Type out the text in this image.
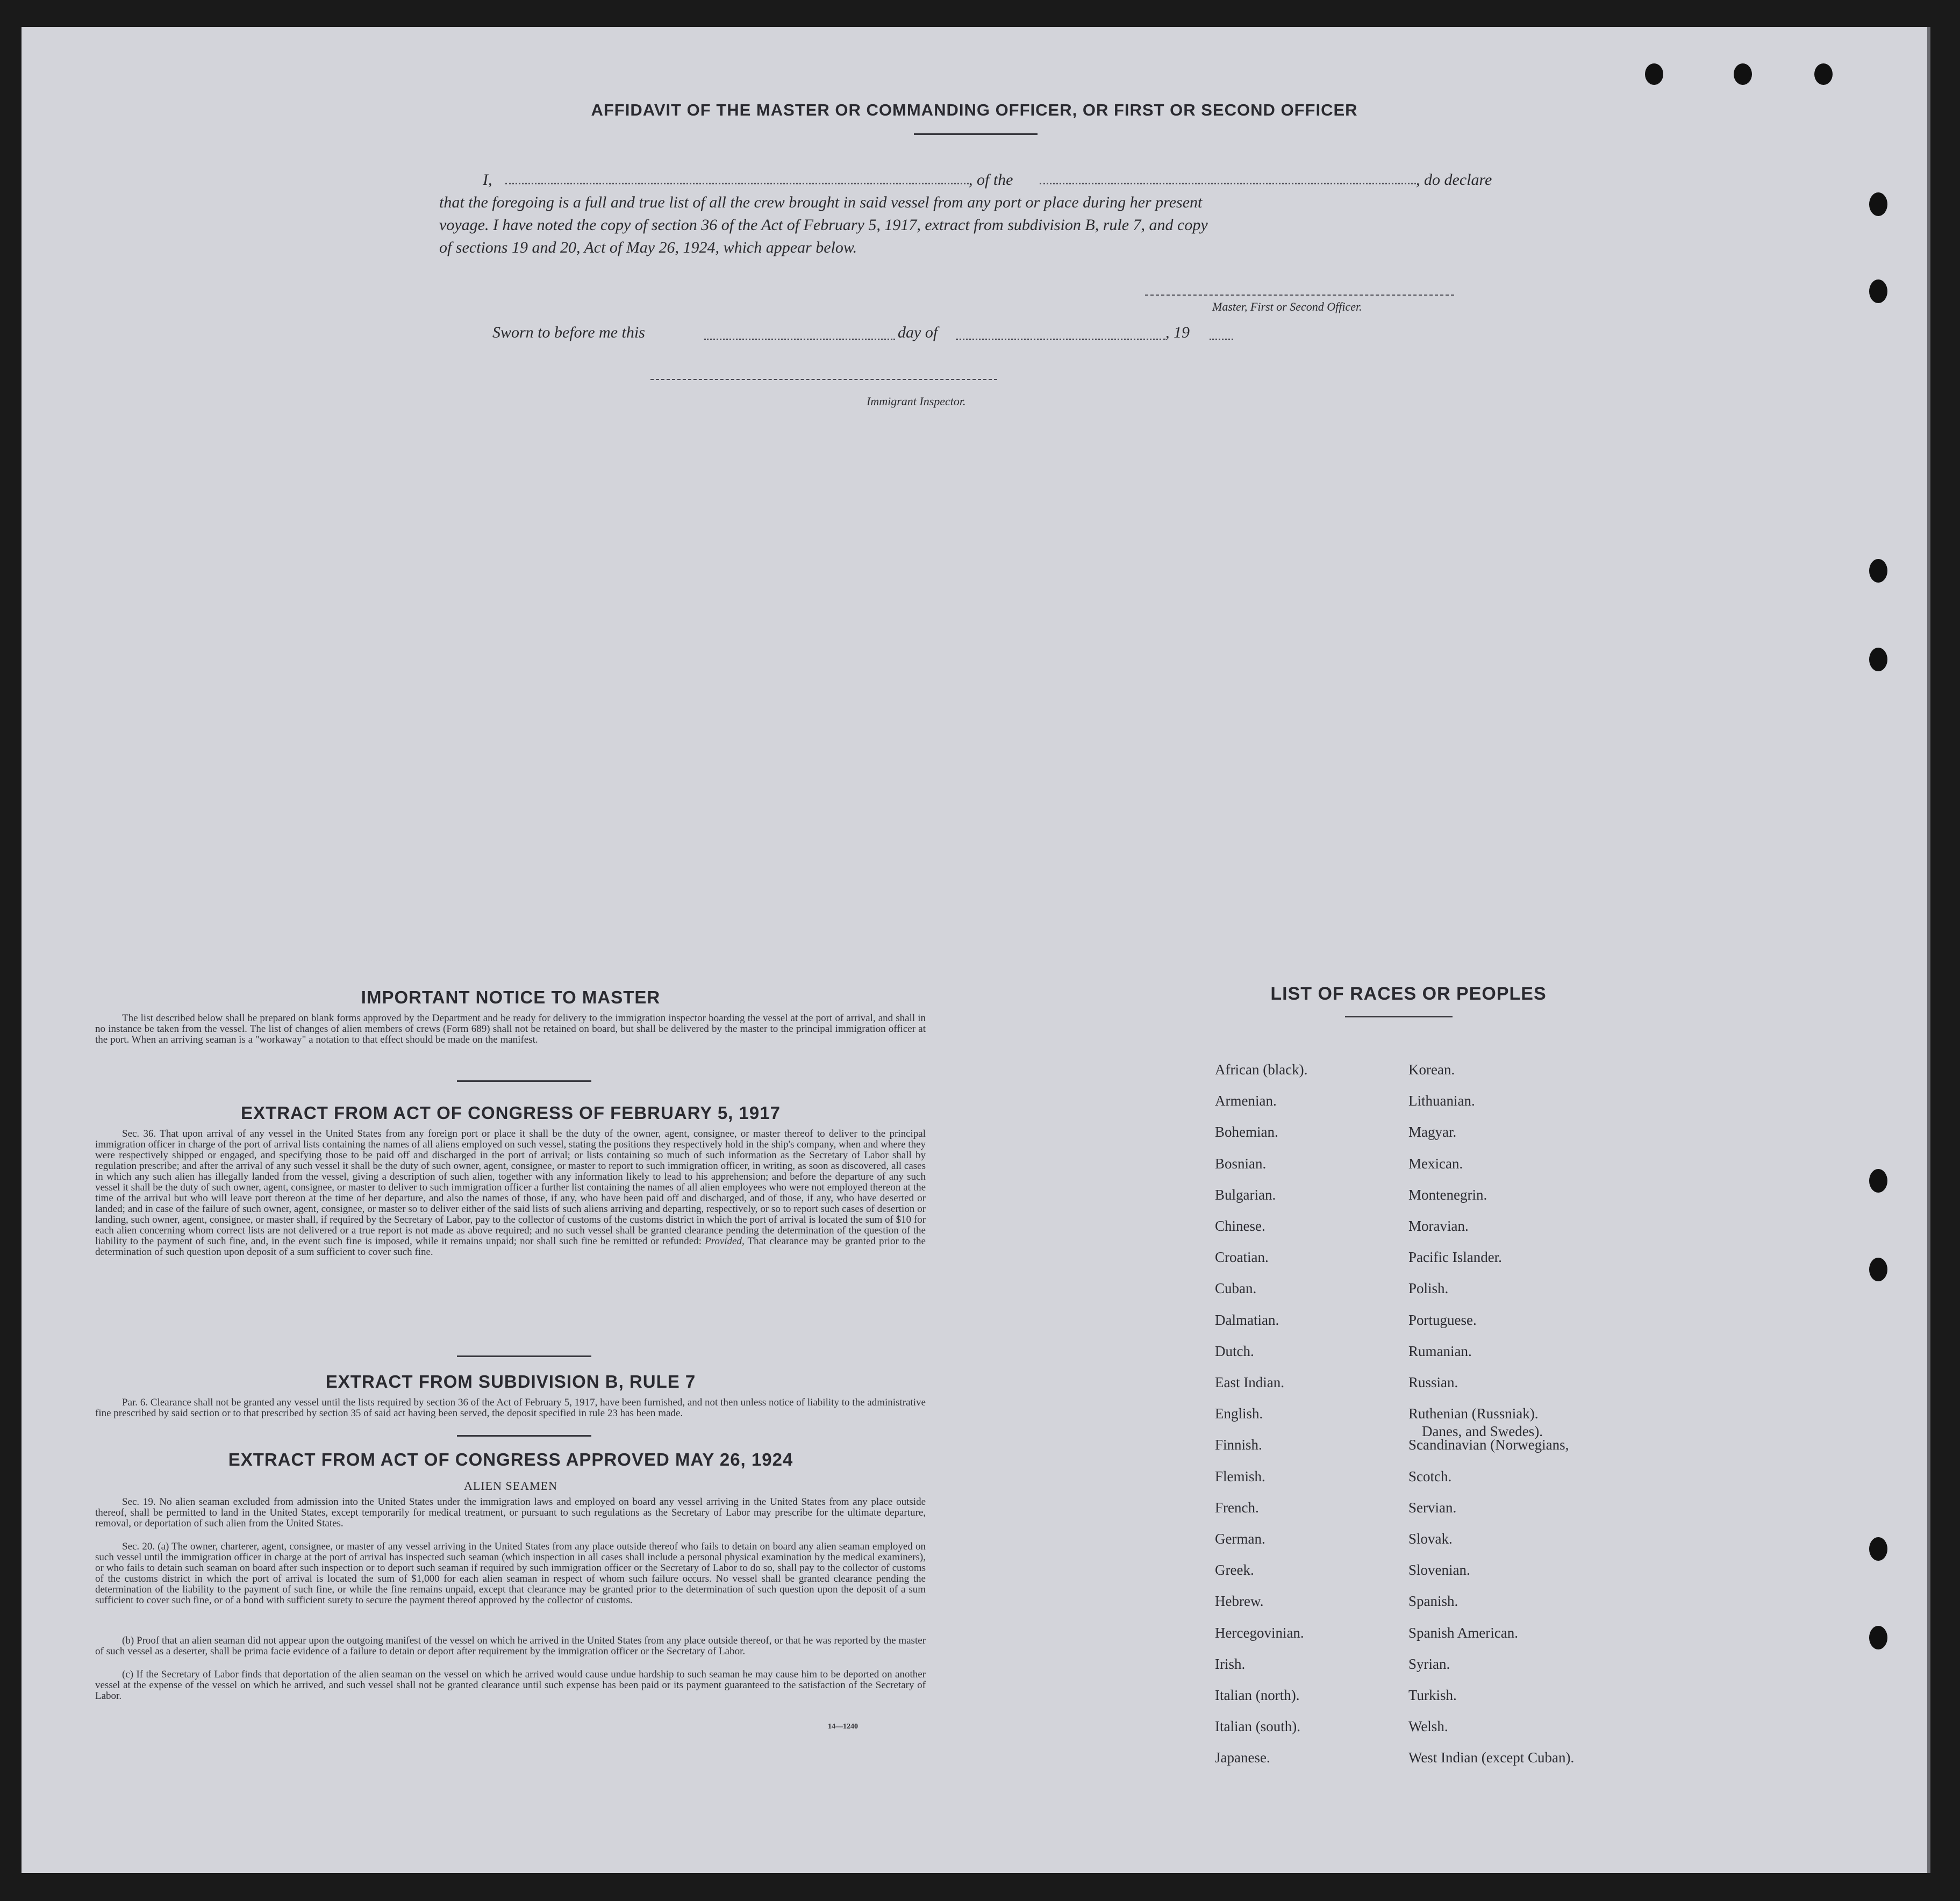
AFFIDAVIT OF THE MASTER OR COMMANDING OFFICER, OR FIRST OR SECOND OFFICER
I,	, of the	, do declare

that the foregoing is a full and true list of all the crew brought in said vessel from any port or place during her present

voyage. I have noted the copy of section 36 of the Act of February 5, 1917, extract from subdivision B, rule 7, and copy

of sections 19 and 20, Act of May 26, 1924, which appear below.

Master, First or Second Officer.
Sworn to before me this	day of	, 19
Immigrant Inspector.
IMPORTANT NOTICE TO MASTER
The list described below shall be prepared on blank forms approved by the Department and be ready for delivery to the immigration inspector boarding the vessel at the port of arrival, and shall in no instance be taken from the vessel. The list of changes of alien members of crews (Form 689) shall not be retained on board, but shall be delivered by the master to the principal immigration officer at the port. When an arriving seaman is a "workaway" a notation to that effect should be made on the manifest.
EXTRACT FROM ACT OF CONGRESS OF FEBRUARY 5, 1917
Sec. 36. That upon arrival of any vessel in the United States from any foreign port or place it shall be the duty of the owner, agent, consignee, or master thereof to deliver to the principal immigration officer in charge of the port of arrival lists containing the names of all aliens employed on such vessel, stating the positions they respectively hold in the ship's company, when and where they were respectively shipped or engaged, and specifying those to be paid off and discharged in the port of arrival; or lists containing so much of such information as the Secretary of Labor shall by regulation prescribe; and after the arrival of any such vessel it shall be the duty of such owner, agent, consignee, or master to report to such immigration officer, in writing, as soon as discovered, all cases in which any such alien has illegally landed from the vessel, giving a description of such alien, together with any information likely to lead to his apprehension; and before the departure of any such vessel it shall be the duty of such owner, agent, consignee, or master to deliver to such immigration officer a further list containing the names of all alien employees who were not employed thereon at the time of the arrival but who will leave port thereon at the time of her departure, and also the names of those, if any, who have been paid off and discharged, and of those, if any, who have deserted or landed; and in case of the failure of such owner, agent, consignee, or master so to deliver either of the said lists of such aliens arriving and departing, respectively, or so to report such cases of desertion or landing, such owner, agent, consignee, or master shall, if required by the Secretary of Labor, pay to the collector of customs of the customs district in which the port of arrival is located the sum of $10 for each alien concerning whom correct lists are not delivered or a true report is not made as above required; and no such vessel shall be granted clearance pending the determination of the question of the liability to the payment of such fine, and, in the event such fine is imposed, while it remains unpaid; nor shall such fine be remitted or refunded: Provided, That clearance may be granted prior to the determination of such question upon deposit of a sum sufficient to cover such fine.
EXTRACT FROM SUBDIVISION B, RULE 7
Par. 6. Clearance shall not be granted any vessel until the lists required by section 36 of the Act of February 5, 1917, have been furnished, and not then unless notice of liability to the administrative fine prescribed by said section or to that prescribed by section 35 of said act having been served, the deposit specified in rule 23 has been made.
EXTRACT FROM ACT OF CONGRESS APPROVED MAY 26, 1924
ALIEN SEAMEN
Sec. 19. No alien seaman excluded from admission into the United States under the immigration laws and employed on board any vessel arriving in the United States from any place outside thereof, shall be permitted to land in the United States, except temporarily for medical treatment, or pursuant to such regulations as the Secretary of Labor may prescribe for the ultimate departure, removal, or deportation of such alien from the United States.
Sec. 20. (a) The owner, charterer, agent, consignee, or master of any vessel arriving in the United States from any place outside thereof who fails to detain on board any alien seaman employed on such vessel until the immigration officer in charge at the port of arrival has inspected such seaman (which inspection in all cases shall include a personal physical examination by the medical examiners), or who fails to detain such seaman on board after such inspection or to deport such seaman if required by such immigration officer or the Secretary of Labor to do so, shall pay to the collector of customs of the customs district in which the port of arrival is located the sum of $1,000 for each alien seaman in respect of whom such failure occurs. No vessel shall be granted clearance pending the determination of the liability to the payment of such fine, or while the fine remains unpaid, except that clearance may be granted prior to the determination of such question upon the deposit of a sum sufficient to cover such fine, or of a bond with sufficient surety to secure the payment thereof approved by the collector of customs.
(b) Proof that an alien seaman did not appear upon the outgoing manifest of the vessel on which he arrived in the United States from any place outside thereof, or that he was reported by the master of such vessel as a deserter, shall be prima facie evidence of a failure to detain or deport after requirement by the immigration officer or the Secretary of Labor.
(c) If the Secretary of Labor finds that deportation of the alien seaman on the vessel on which he arrived would cause undue hardship to such seaman he may cause him to be deported on another vessel at the expense of the vessel on which he arrived, and such vessel shall not be granted clearance until such expense has been paid or its payment guaranteed to the satisfaction of the Secretary of Labor.
14—1240
LIST OF RACES OR PEOPLES
African (black).
Armenian.
Bohemian.
Bosnian.
Bulgarian.
Chinese.
Croatian.
Cuban.
Dalmatian.
Dutch.
East Indian.
English.
Finnish.
Flemish.
French.
German.
Greek.
Hebrew.
Hercegovinian.
Irish.
Italian (north).
Italian (south).
Japanese.
Korean.
Lithuanian.
Magyar.
Mexican.
Montenegrin.
Moravian.
Pacific Islander.
Polish.
Portuguese.
Rumanian.
Russian.
Ruthenian (Russniak).
Scandinavian (Norwegians,
Scotch.
Servian.
Slovak.
Slovenian.
Spanish.
Spanish American.
Syrian.
Turkish.
Welsh.
West Indian (except Cuban).
Danes, and Swedes).
